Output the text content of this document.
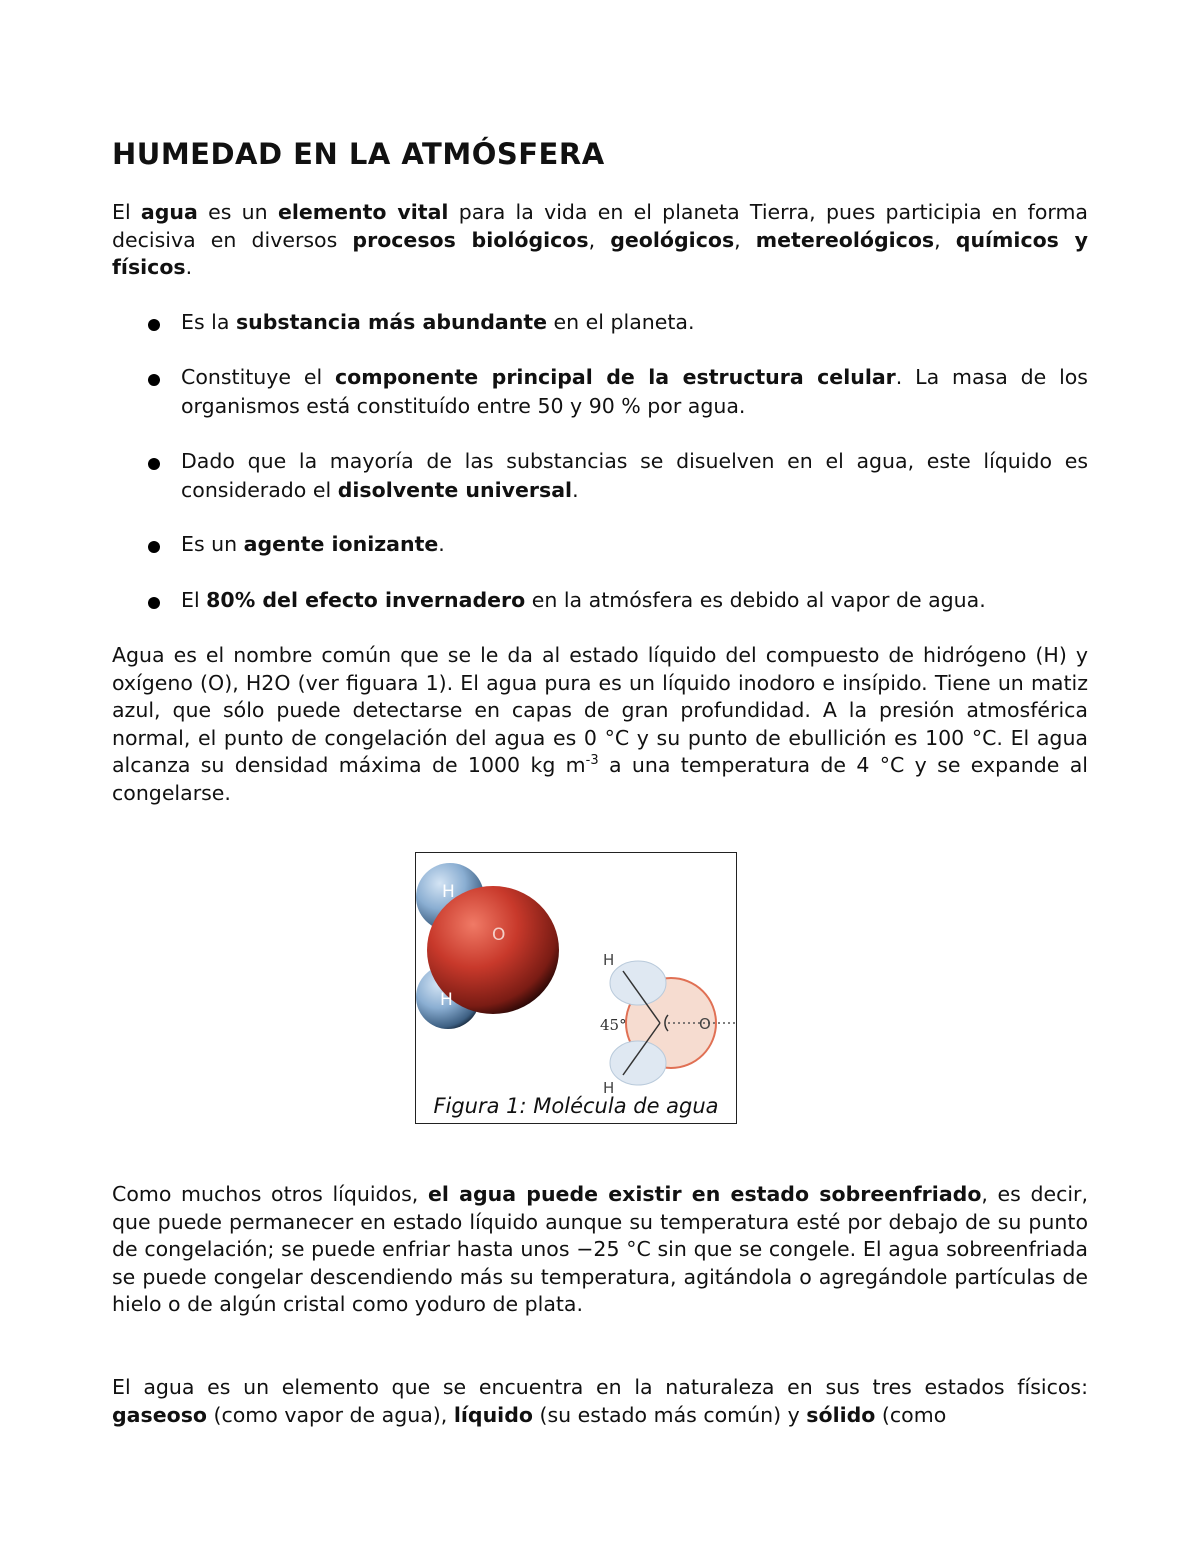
HUMEDAD EN LA ATMÓSFERA

El agua es un elemento vital para la vida en el planeta Tierra, pues participia en forma decisiva en diversos procesos biológicos, geológicos, metereológicos, químicos y físicos.

Es la substancia más abundante en el planeta.
Constituye el componente principal de la estructura celular. La masa de los organismos está constituído entre 50 y 90 % por agua.
Dado que la mayoría de las substancias se disuelven en el agua, este líquido es considerado el disolvente universal.
Es un agente ionizante.
El 80% del efecto invernadero en la atmósfera es debido al vapor de agua.

Agua es el nombre común que se le da al estado líquido del compuesto de hidrógeno (H) y oxígeno (O), H2O (ver figuara 1). El agua pura es un líquido inodoro e insípido. Tiene un matiz azul, que sólo puede detectarse en capas de gran profundidad. A la presión atmosférica normal, el punto de congelación del agua es 0 °C y su punto de ebullición es 100 °C. El agua alcanza su densidad máxima de 1000 kg $m^{-3}$ a una temperatura de 4 °C y se expande al congelarse.

H
O
H
H
H
45°	O
Figura 1: Molécula de agua

Como muchos otros líquidos, el agua puede existir en estado sobreenfriado, es decir, que puede permanecer en estado líquido aunque su temperatura esté por debajo de su punto de congelación; se puede enfriar hasta unos −25 °C sin que se congele. El agua sobreenfriada se puede congelar descendiendo más su temperatura, agitándola o agregándole partículas de hielo o de algún cristal como yoduro de plata.

El agua es un elemento que se encuentra en la naturaleza en sus tres estados físicos: gaseoso (como vapor de agua), líquido (su estado más común) y sólido (como
